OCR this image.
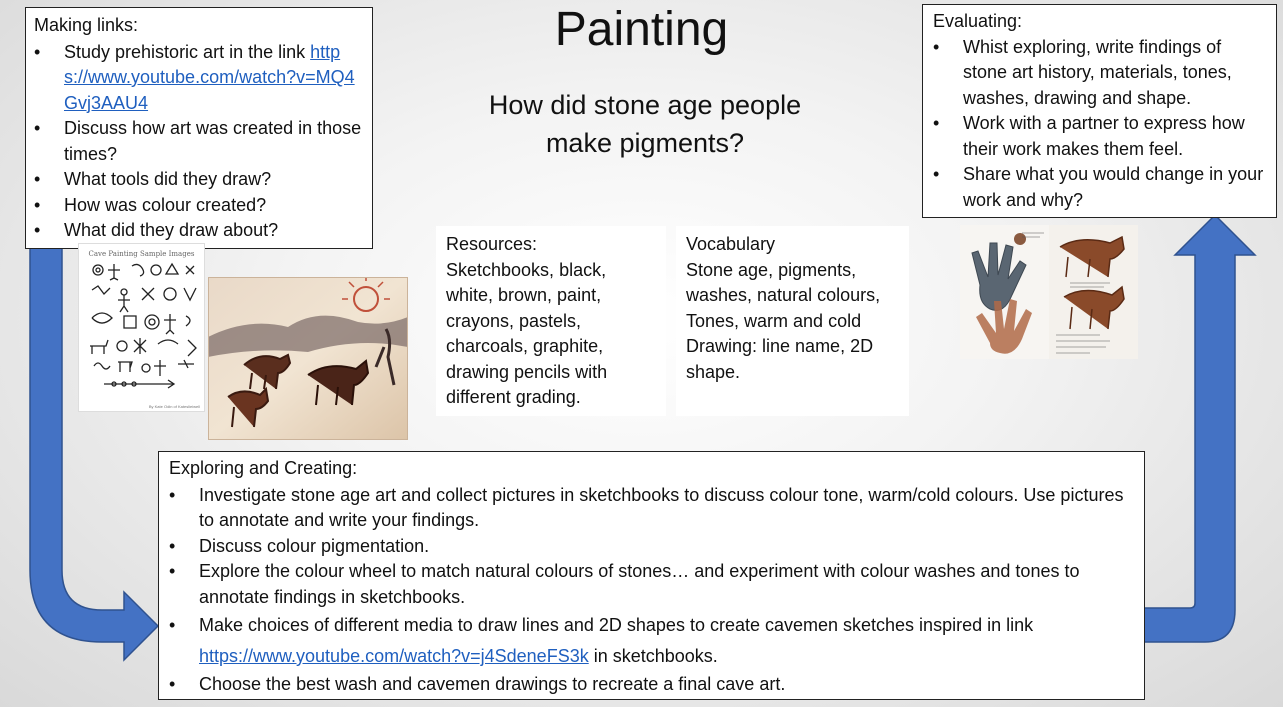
Painting
How did stone age people make pigments?
Making links:
• Study prehistoric art in the link https://www.youtube.com/watch?v=MQ4Gvj3AAU4
• Discuss how art was created in those times?
• What tools did they draw?
• How was colour created?
• What did they draw about?
Evaluating:
• Whist exploring, write findings of stone art history, materials, tones, washes, drawing and shape.
• Work with a partner to express how their work makes them feel.
• Share what you would change in your work and why?
Cave Painting Sample Images
By Kate Odin of Kateslieiwell
Resources:
Sketchbooks, black, white, brown, paint, crayons, pastels, charcoals, graphite, drawing pencils with different grading.
Vocabulary
Stone age, pigments, washes, natural colours, Tones, warm and cold Drawing: line name, 2D shape.
Exploring and Creating:
• Investigate stone age art and collect pictures in sketchbooks to discuss colour tone, warm/cold colours. Use pictures to annotate and write your findings.
• Discuss colour pigmentation.
• Explore the colour wheel to match natural colours of stones… and experiment with colour washes and tones to annotate findings in sketchbooks.
• Make choices of different media to draw lines and 2D shapes to create cavemen sketches inspired in link
https://www.youtube.com/watch?v=j4SdeneFS3k in sketchbooks.
• Choose the best wash and cavemen drawings to recreate a final cave art.
